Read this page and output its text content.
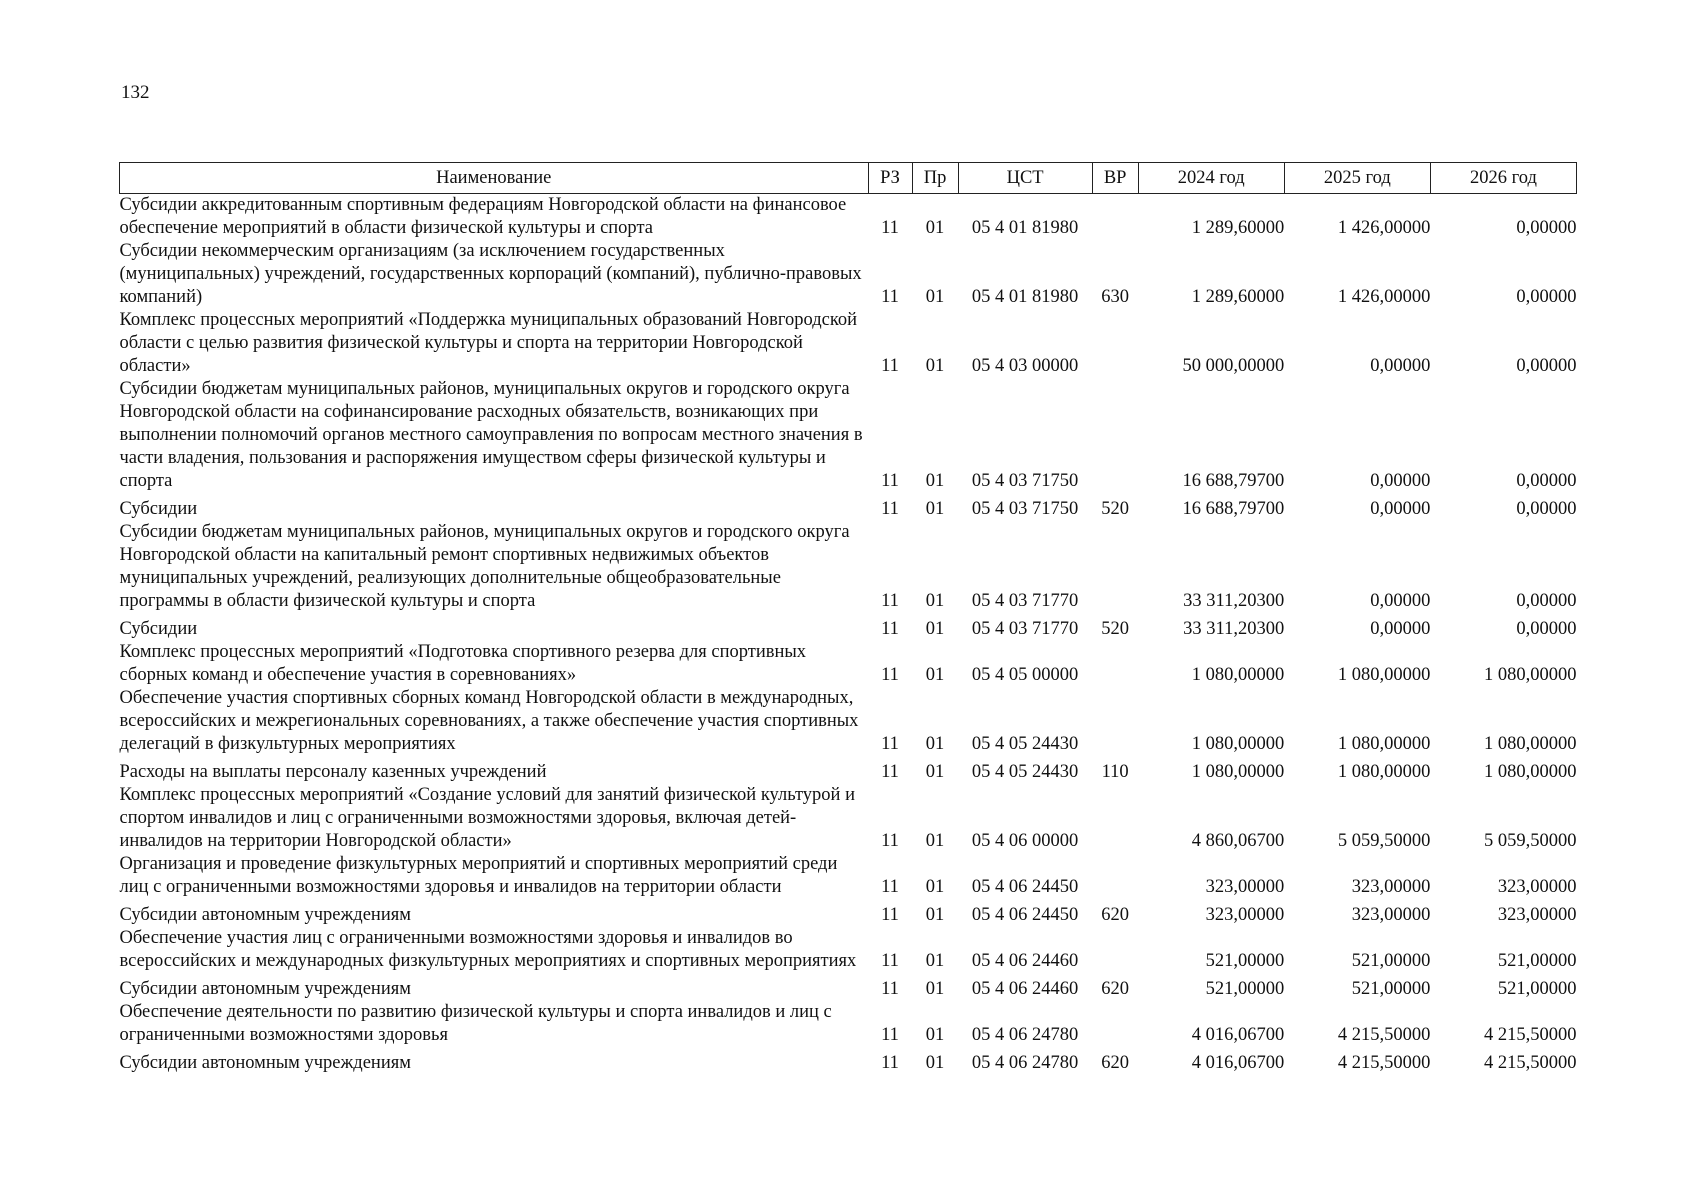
132
Наименование	РЗ	Пр	ЦСТ	ВР	2024 год	2025 год	2026 год
Субсидии аккредитованным спортивным федерациям Новгородской области на финансовое обеспечение мероприятий в области физической культуры и спорта	11	01	05 4 01 81980		1 289,60000	1 426,00000	0,00000
Субсидии некоммерческим организациям (за исключением государственных (муниципальных) учреждений, государственных корпораций (компаний), публично-правовых компаний)	11	01	05 4 01 81980	630	1 289,60000	1 426,00000	0,00000
Комплекс процессных мероприятий «Поддержка муниципальных образований Новгородской области с целью развития физической культуры и спорта на территории Новгородской области»	11	01	05 4 03 00000		50 000,00000	0,00000	0,00000
Субсидии бюджетам муниципальных районов, муниципальных округов и городского округа Новгородской области на софинансирование расходных обязательств, возникающих при выполнении полномочий органов местного самоуправления по вопросам местного значения в части владения, пользования и распоряжения имуществом сферы физической культуры и спорта	11	01	05 4 03 71750		16 688,79700	0,00000	0,00000
Субсидии	11	01	05 4 03 71750	520	16 688,79700	0,00000	0,00000
Субсидии бюджетам муниципальных районов, муниципальных округов и городского округа Новгородской области на капитальный ремонт спортивных недвижимых объектов муниципальных учреждений, реализующих дополнительные общеобразовательные программы в области физической культуры и спорта	11	01	05 4 03 71770		33 311,20300	0,00000	0,00000
Субсидии	11	01	05 4 03 71770	520	33 311,20300	0,00000	0,00000
Комплекс процессных мероприятий «Подготовка спортивного резерва для спортивных сборных команд и обеспечение участия в соревнованиях»	11	01	05 4 05 00000		1 080,00000	1 080,00000	1 080,00000
Обеспечение участия спортивных сборных команд Новгородской области в международных, всероссийских и межрегиональных соревнованиях, а также обеспечение участия спортивных делегаций в физкультурных мероприятиях	11	01	05 4 05 24430		1 080,00000	1 080,00000	1 080,00000
Расходы на выплаты персоналу казенных учреждений	11	01	05 4 05 24430	110	1 080,00000	1 080,00000	1 080,00000
Комплекс процессных мероприятий «Создание условий для занятий физической культурой и спортом инвалидов и лиц с ограниченными возможностями здоровья, включая детей-инвалидов на территории Новгородской области»	11	01	05 4 06 00000		4 860,06700	5 059,50000	5 059,50000
Организация и проведение физкультурных мероприятий и спортивных мероприятий среди лиц с ограниченными возможностями здоровья и инвалидов на территории области	11	01	05 4 06 24450		323,00000	323,00000	323,00000
Субсидии автономным учреждениям	11	01	05 4 06 24450	620	323,00000	323,00000	323,00000
Обеспечение участия лиц с ограниченными возможностями здоровья и инвалидов во всероссийских и международных физкультурных мероприятиях и спортивных мероприятиях	11	01	05 4 06 24460		521,00000	521,00000	521,00000
Субсидии автономным учреждениям	11	01	05 4 06 24460	620	521,00000	521,00000	521,00000
Обеспечение деятельности по развитию физической культуры и спорта инвалидов и лиц с ограниченными возможностями здоровья	11	01	05 4 06 24780		4 016,06700	4 215,50000	4 215,50000
Субсидии автономным учреждениям	11	01	05 4 06 24780	620	4 016,06700	4 215,50000	4 215,50000
